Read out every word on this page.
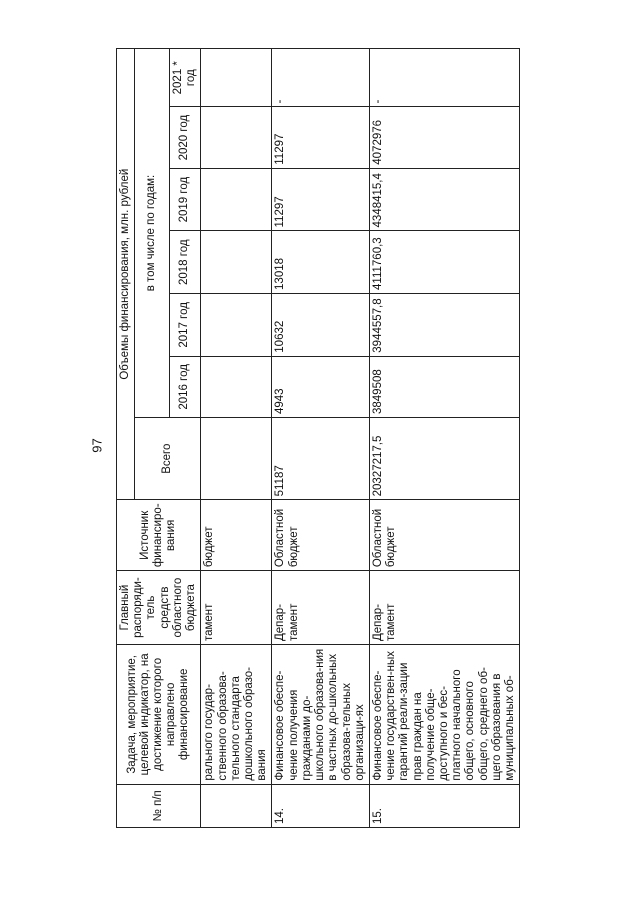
97
№ п/п	Задача, мероприятие, целевой индикатор, на достижение которого направлено финансирование	Главный распоряди-тель средств областного бюджета	Источник финансиро-вания	Объемы финансирования, млн. рублей						
				Всего	в том числе по годам:					
					2016 год	2017 год	2018 год	2019 год	2020 год	2021 * год
	рального государ-ственного образова-тельного стандарта дошкольного образо-вания	тамент	бюджет							
14.	Финансовое обеспе-чение получения гражданами до-школьного образова-ния в частных до-школьных образова-тельных организаци-ях	Депар-тамент	Областной бюджет	51187	4943	10632	13018	11297	11297	-
15.	Финансовое обеспе-чение государствен-ных гарантий реали-зации прав граждан на получение обще-доступного и бес-платного начального общего, основного общего, среднего об-щего образования в муниципальных об-	Депар-тамент	Областной бюджет	20327217,5	3849508	3944557,8	4111760,3	4348415,4	4072976	-
